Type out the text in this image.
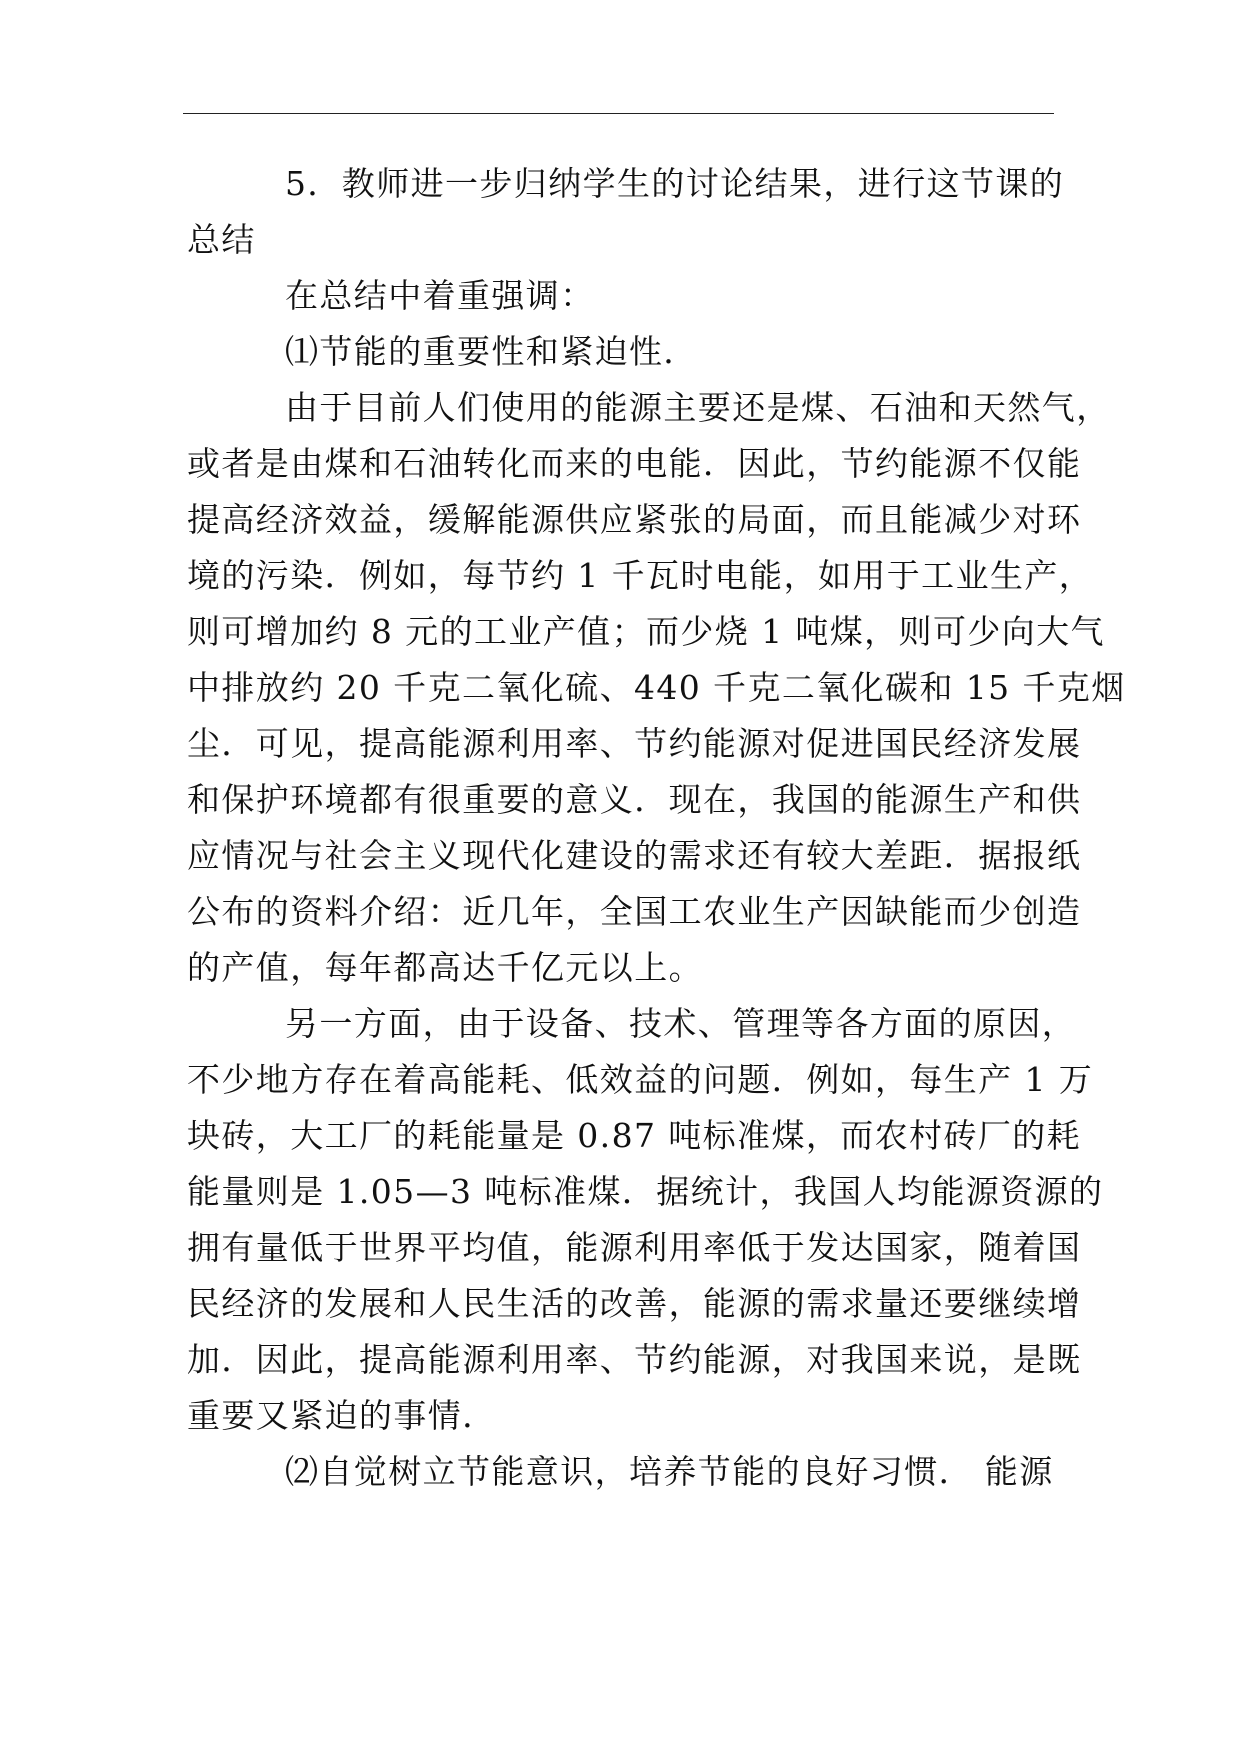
5．教师进一步归纳学生的讨论结果，进行这节课的
总结
在总结中着重强调：
⑴节能的重要性和紧迫性．
由于目前人们使用的能源主要还是煤、石油和天然气，
或者是由煤和石油转化而来的电能．因此，节约能源不仅能
提高经济效益，缓解能源供应紧张的局面，而且能减少对环
境的污染．例如，每节约 1 千瓦时电能，如用于工业生产，
则可增加约 8 元的工业产值；而少烧 1 吨煤，则可少向大气
中排放约 20 千克二氧化硫、440 千克二氧化碳和 15 千克烟
尘．可见，提高能源利用率、节约能源对促进国民经济发展
和保护环境都有很重要的意义．现在，我国的能源生产和供
应情况与社会主义现代化建设的需求还有较大差距．据报纸
公布的资料介绍：近几年，全国工农业生产因缺能而少创造
的产值，每年都高达千亿元以上。
另一方面，由于设备、技术、管理等各方面的原因，
不少地方存在着高能耗、低效益的问题．例如，每生产 1 万
块砖，大工厂的耗能量是 0.87 吨标准煤，而农村砖厂的耗
能量则是 1.05—3 吨标准煤．据统计，我国人均能源资源的
拥有量低于世界平均值，能源利用率低于发达国家，随着国
民经济的发展和人民生活的改善，能源的需求量还要继续增
加．因此，提高能源利用率、节约能源，对我国来说，是既
重要又紧迫的事情．
⑵自觉树立节能意识，培养节能的良好习惯． 能源
